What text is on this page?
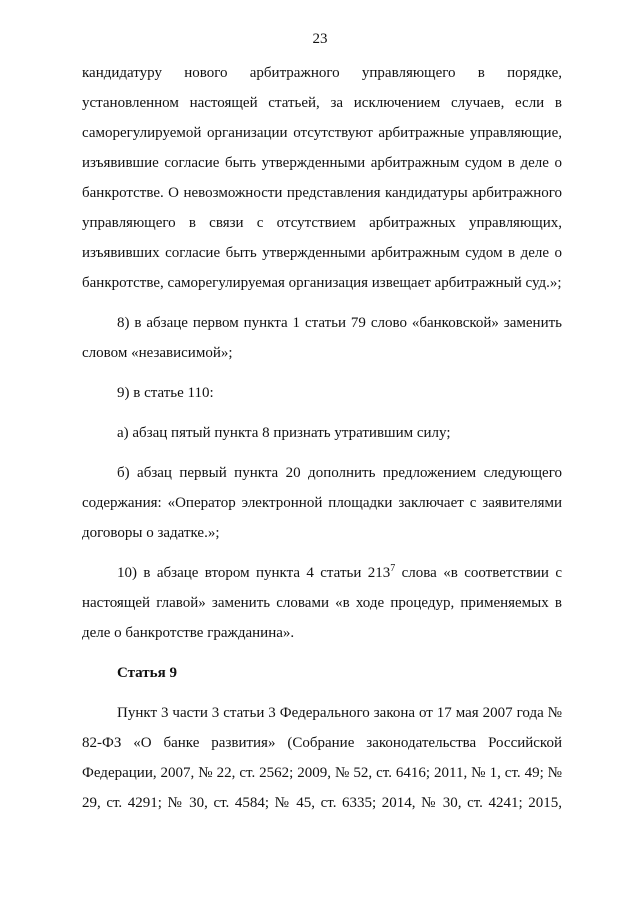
23

кандидатуру нового арбитражного управляющего в порядке, установленном настоящей статьей, за исключением случаев, если в саморегулируемой организации отсутствуют арбитражные управляющие, изъявившие согласие быть утвержденными арбитражным судом в деле о банкротстве. О невозможности представления кандидатуры арбитражного управляющего в связи с отсутствием арбитражных управляющих, изъявивших согласие быть утвержденными арбитражным судом в деле о банкротстве, саморегулируемая организация извещает арбитражный суд.»;

8) в абзаце первом пункта 1 статьи 79 слово «банковской» заменить словом «независимой»;

9) в статье 110:

а) абзац пятый пункта 8 признать утратившим силу;

б) абзац первый пункта 20 дополнить предложением следующего содержания: «Оператор электронной площадки заключает с заявителями договоры о задатке.»;

10) в абзаце втором пункта 4 статьи $213^7$ слова «в соответствии с настоящей главой» заменить словами «в ходе процедур, применяемых в деле о банкротстве гражданина».

Статья 9

Пункт 3 части 3 статьи 3 Федерального закона от 17 мая 2007 года № 82-ФЗ «О банке развития» (Собрание законодательства Российской Федерации, 2007, № 22, ст. 2562; 2009, № 52, ст. 6416; 2011, № 1, ст. 49; № 29, ст. 4291; № 30, ст. 4584; № 45, ст. 6335; 2014, № 30, ст. 4241; 2015,
